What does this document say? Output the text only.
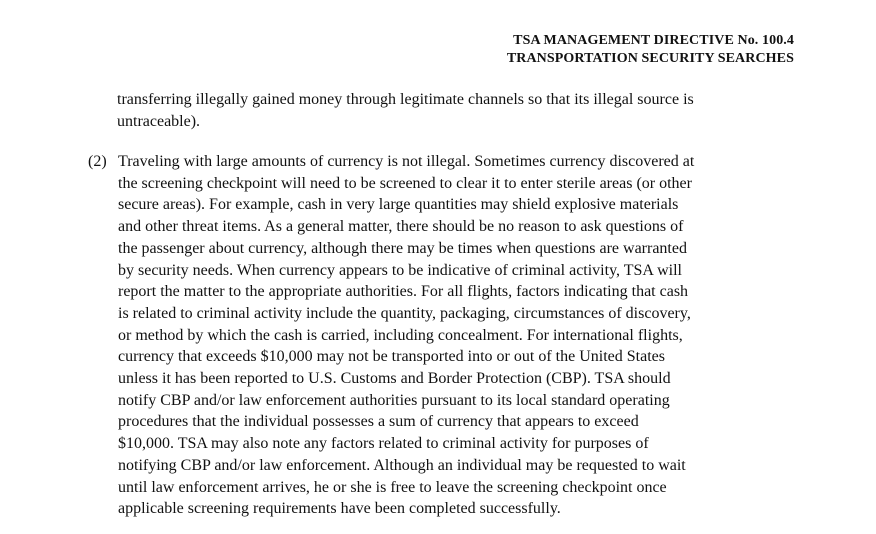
TSA MANAGEMENT DIRECTIVE No. 100.4
TRANSPORTATION SECURITY SEARCHES
transferring illegally gained money through legitimate channels so that its illegal source is
untraceable).
(2) Traveling with large amounts of currency is not illegal. Sometimes currency discovered at
the screening checkpoint will need to be screened to clear it to enter sterile areas (or other
secure areas). For example, cash in very large quantities may shield explosive materials
and other threat items. As a general matter, there should be no reason to ask questions of
the passenger about currency, although there may be times when questions are warranted
by security needs. When currency appears to be indicative of criminal activity, TSA will
report the matter to the appropriate authorities. For all flights, factors indicating that cash
is related to criminal activity include the quantity, packaging, circumstances of discovery,
or method by which the cash is carried, including concealment. For international flights,
currency that exceeds $10,000 may not be transported into or out of the United States
unless it has been reported to U.S. Customs and Border Protection (CBP). TSA should
notify CBP and/or law enforcement authorities pursuant to its local standard operating
procedures that the individual possesses a sum of currency that appears to exceed
$10,000. TSA may also note any factors related to criminal activity for purposes of
notifying CBP and/or law enforcement. Although an individual may be requested to wait
until law enforcement arrives, he or she is free to leave the screening checkpoint once
applicable screening requirements have been completed successfully.
